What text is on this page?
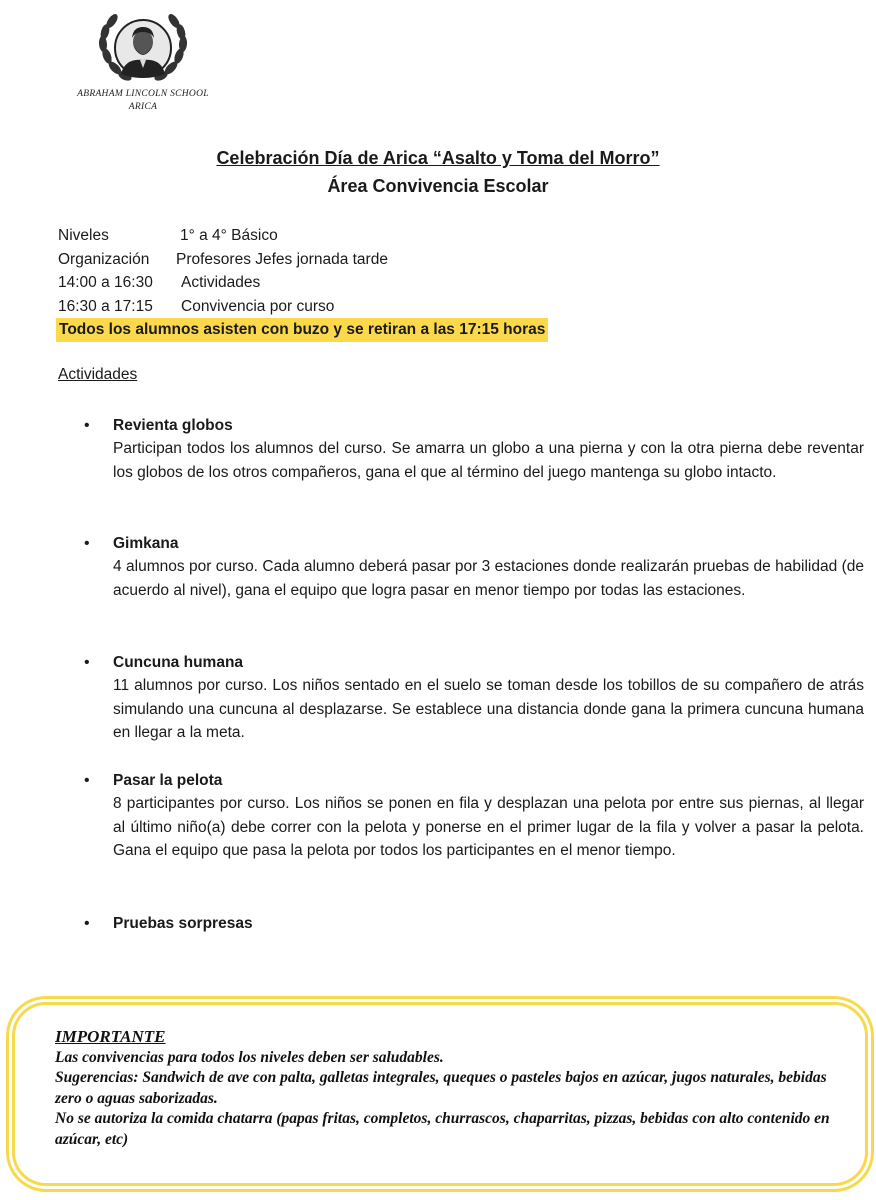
ABRAHAM LINCOLN SCHOOL
ARICA
Celebración Día de Arica “Asalto y Toma del Morro”
Área Convivencia Escolar
Niveles	1° a 4° Básico
Organización Profesores Jefes jornada tarde
14:00 a 16:30 Actividades
16:30 a 17:15 Convivencia por curso
Todos los alumnos asisten con buzo y se retiran a las 17:15 horas
Actividades
• Revienta globos
Participan todos los alumnos del curso. Se amarra un globo a una pierna y con la otra pierna debe reventar los globos de los otros compañeros, gana el que al término del juego mantenga su globo intacto.
• Gimkana
4 alumnos por curso. Cada alumno deberá pasar por 3 estaciones donde realizarán pruebas de habilidad (de acuerdo al nivel), gana el equipo que logra pasar en menor tiempo por todas las estaciones.
• Cuncuna humana
11 alumnos por curso. Los niños sentado en el suelo se toman desde los tobillos de su compañero de atrás simulando una cuncuna al desplazarse. Se establece una distancia donde gana la primera cuncuna humana en llegar a la meta.
• Pasar la pelota
8 participantes por curso. Los niños se ponen en fila y desplazan una pelota por entre sus piernas, al llegar al último niño(a) debe correr con la pelota y ponerse en el primer lugar de la fila y volver a pasar la pelota. Gana el equipo que pasa la pelota por todos los participantes en el menor tiempo.
• Pruebas sorpresas
IMPORTANTE
Las convivencias para todos los niveles deben ser saludables.
Sugerencias: Sandwich de ave con palta, galletas integrales, queques o pasteles bajos en azúcar, jugos naturales, bebidas zero o aguas saborizadas.
No se autoriza la comida chatarra (papas fritas, completos, churrascos, chaparritas, pizzas, bebidas con alto contenido en azúcar, etc)
